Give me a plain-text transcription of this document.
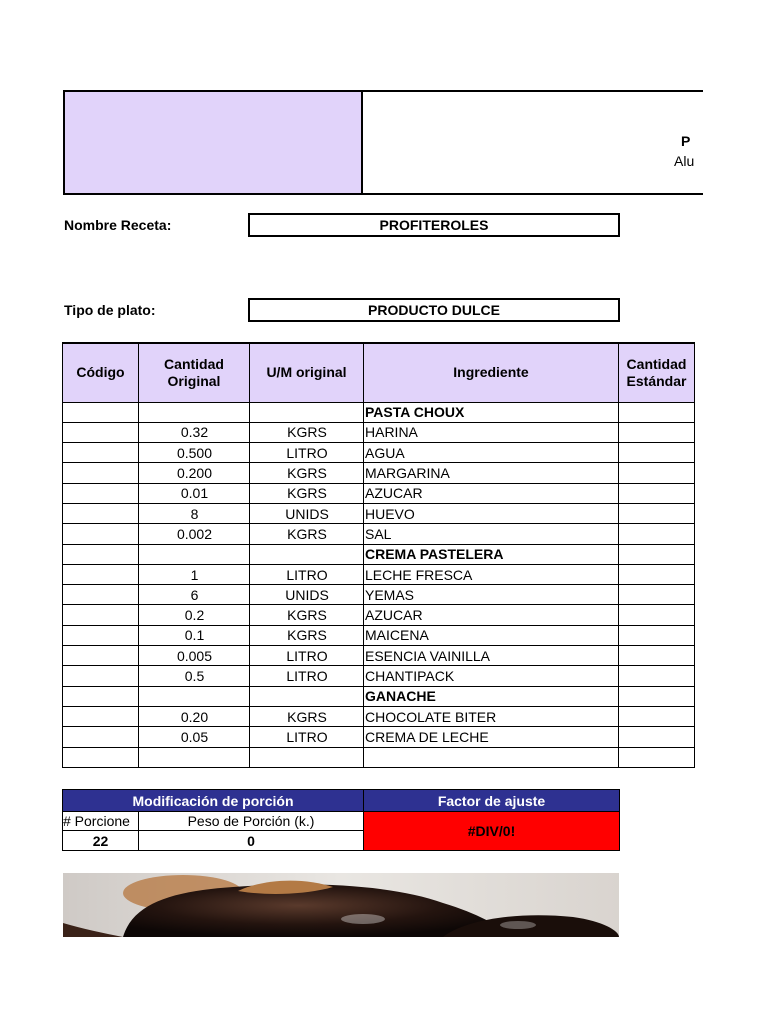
P
Alu
Nombre Receta:	PROFITEROLES
Tipo de plato:	PRODUCTO DULCE
Código	Cantidad Original	U/M original	Ingrediente	Cantidad Estándar
			PASTA CHOUX	
	0.32	KGRS	HARINA	
	0.500	LITRO	AGUA	
	0.200	KGRS	MARGARINA	
	0.01	KGRS	AZUCAR	
	8	UNIDS	HUEVO	
	0.002	KGRS	SAL	
			CREMA PASTELERA	
	1	LITRO	LECHE FRESCA	
	6	UNIDS	YEMAS	
	0.2	KGRS	AZUCAR	
	0.1	KGRS	MAICENA	
	0.005	LITRO	ESENCIA VAINILLA	
	0.5	LITRO	CHANTIPACK	
			GANACHE	
	0.20	KGRS	CHOCOLATE BITER	
	0.05	LITRO	CREMA DE LECHE	

Modificación de porción		Factor de ajuste
# Porcione	Peso de Porción (k.)	#DIV/0!
22	0	
